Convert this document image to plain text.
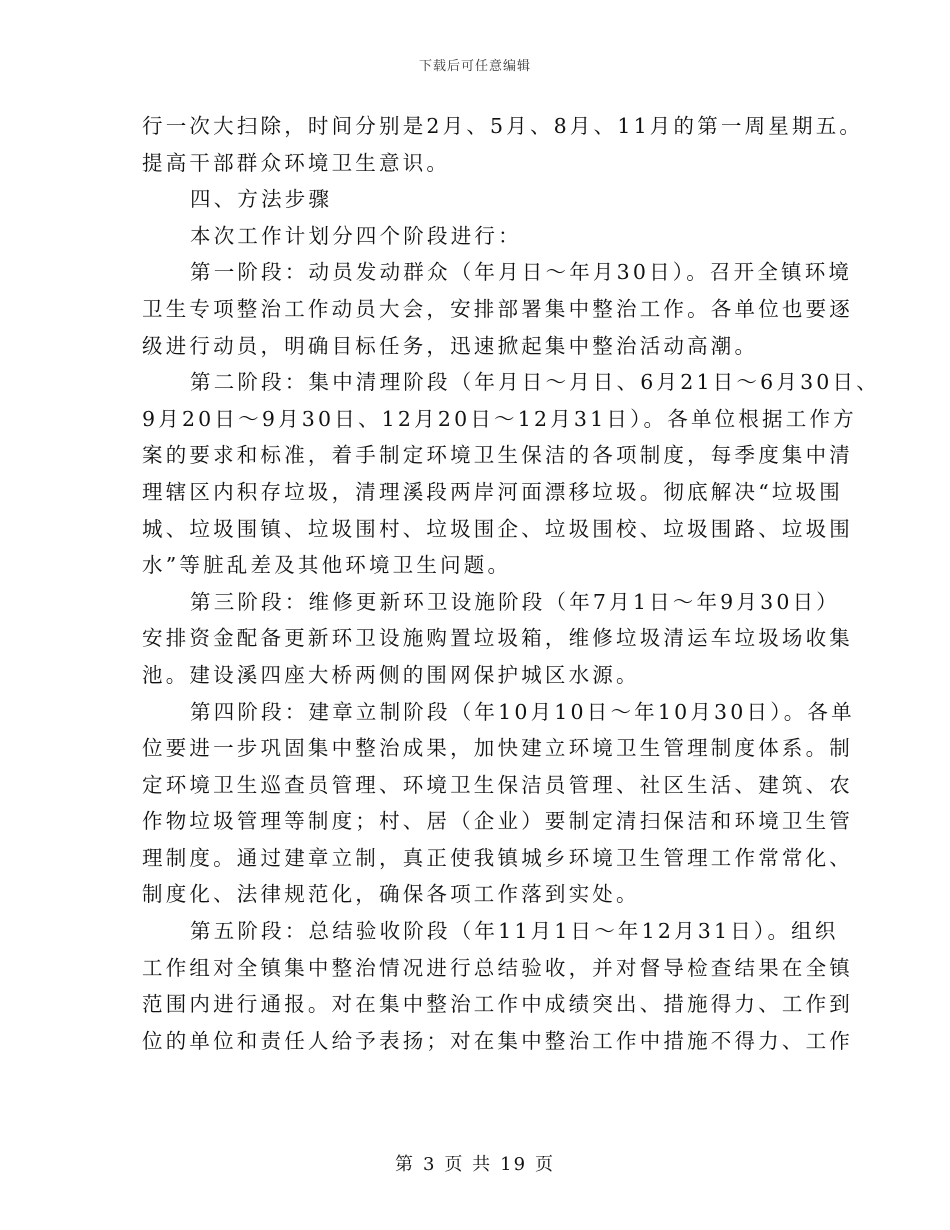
下载后可任意编辑
行一次大扫除，时间分别是2月、5月、8月、11月的第一周星期五。
提高干部群众环境卫生意识。
四、方法步骤
本次工作计划分四个阶段进行：
第一阶段：动员发动群众（年月日～年月30日）。召开全镇环境
卫生专项整治工作动员大会，安排部署集中整治工作。各单位也要逐
级进行动员，明确目标任务，迅速掀起集中整治活动高潮。
第二阶段：集中清理阶段（年月日～月日、6月21日～6月30日、
9月20日～9月30日、12月20日～12月31日）。各单位根据工作方
案的要求和标准，着手制定环境卫生保洁的各项制度，每季度集中清
理辖区内积存垃圾，清理溪段两岸河面漂移垃圾。彻底解决“垃圾围
城、垃圾围镇、垃圾围村、垃圾围企、垃圾围校、垃圾围路、垃圾围
水”等脏乱差及其他环境卫生问题。
第三阶段：维修更新环卫设施阶段（年7月1日～年9月30日）
安排资金配备更新环卫设施购置垃圾箱，维修垃圾清运车垃圾场收集
池。建设溪四座大桥两侧的围网保护城区水源。
第四阶段：建章立制阶段（年10月10日～年10月30日）。各单
位要进一步巩固集中整治成果，加快建立环境卫生管理制度体系。制
定环境卫生巡查员管理、环境卫生保洁员管理、社区生活、建筑、农
作物垃圾管理等制度；村、居（企业）要制定清扫保洁和环境卫生管
理制度。通过建章立制，真正使我镇城乡环境卫生管理工作常常化、
制度化、法律规范化，确保各项工作落到实处。
第五阶段：总结验收阶段（年11月1日～年12月31日）。组织
工作组对全镇集中整治情况进行总结验收，并对督导检查结果在全镇
范围内进行通报。对在集中整治工作中成绩突出、措施得力、工作到
位的单位和责任人给予表扬；对在集中整治工作中措施不得力、工作
第 3 页 共 19 页
